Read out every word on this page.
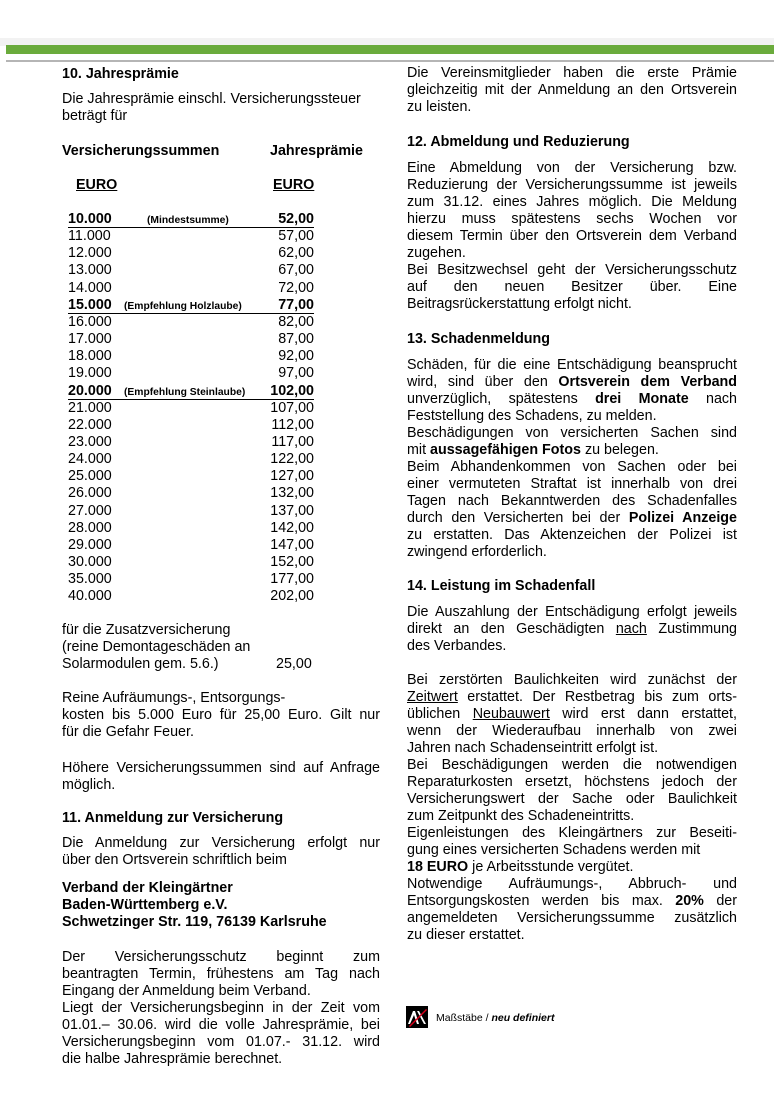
10. Jahresprämie

Die Jahresprämie einschl. Versicherungssteuer

beträgt für

Versicherungssummen	Jahresprämie

EURO	EURO

10.000	(Mindestsumme)	52,00
11.000	57,00
12.000	62,00
13.000	67,00
14.000	72,00
15.000 (Empfehlung Holzlaube)	77,00
16.000	82,00
17.000	87,00
18.000	92,00
19.000	97,00
20.000 (Empfehlung Steinlaube) 102,00
21.000	107,00
22.000	112,00
23.000	117,00
24.000	122,00
25.000	127,00
26.000	132,00
27.000	137,00
28.000	142,00
29.000	147,00
30.000	152,00
35.000	177,00
40.000	202,00

für die Zusatzversicherung

(reine Demontageschäden an

Solarmodulen gem. 5.6.)	25,00

Reine Aufräumungs-, Entsorgungs-

kosten bis 5.000 Euro für 25,00 Euro. Gilt nur

für die Gefahr Feuer.

Höhere Versicherungssummen sind auf Anfrage

möglich.

11. Anmeldung zur Versicherung

Die Anmeldung zur Versicherung erfolgt nur

über den Ortsverein schriftlich beim

Verband der Kleingärtner

Baden-Württemberg e.V.

Schwetzinger Str. 119, 76139 Karlsruhe

Der Versicherungsschutz beginnt zum

beantragten Termin, frühestens am Tag nach

Eingang der Anmeldung beim Verband.

Liegt der Versicherungsbeginn in der Zeit vom

01.01.– 30.06. wird die volle Jahresprämie, bei

Versicherungsbeginn vom 01.07.- 31.12. wird

die halbe Jahresprämie berechnet.

Die Vereinsmitglieder haben die erste Prämie

gleichzeitig mit der Anmeldung an den Ortsverein

zu leisten.

12. Abmeldung und Reduzierung

Eine Abmeldung von der Versicherung bzw.

Reduzierung der Versicherungssumme ist jeweils

zum 31.12. eines Jahres möglich. Die Meldung

hierzu muss spätestens sechs Wochen vor

diesem Termin über den Ortsverein dem Verband

zugehen.

Bei Besitzwechsel geht der Versicherungsschutz

auf den neuen Besitzer über. Eine

Beitragsrückerstattung erfolgt nicht.

13. Schadenmeldung

Schäden, für die eine Entschädigung beansprucht

wird, sind über den Ortsverein dem Verband

unverzüglich, spätestens drei Monate nach

Feststellung des Schadens, zu melden.

Beschädigungen von versicherten Sachen sind

mit aussagefähigen Fotos zu belegen.

Beim Abhandenkommen von Sachen oder bei

einer vermuteten Straftat ist innerhalb von drei

Tagen nach Bekanntwerden des Schadenfalles

durch den Versicherten bei der Polizei Anzeige

zu erstatten. Das Aktenzeichen der Polizei ist

zwingend erforderlich.

14. Leistung im Schadenfall

Die Auszahlung der Entschädigung erfolgt jeweils

direkt an den Geschädigten nach Zustimmung

des Verbandes.

Bei zerstörten Baulichkeiten wird zunächst der

Zeitwert erstattet. Der Restbetrag bis zum orts-

üblichen Neubauwert wird erst dann erstattet,

wenn der Wiederaufbau innerhalb von zwei

Jahren nach Schadenseintritt erfolgt ist.

Bei Beschädigungen werden die notwendigen

Reparaturkosten ersetzt, höchstens jedoch der

Versicherungswert der Sache oder Baulichkeit

zum Zeitpunkt des Schadeneintritts.

Eigenleistungen des Kleingärtners zur Beseiti-

gung eines versicherten Schadens werden mit

18 EURO je Arbeitsstunde vergütet.

Notwendige Aufräumungs-, Abbruch- und

Entsorgungskosten werden bis max. 20% der

angemeldeten Versicherungssumme zusätzlich

zu dieser erstattet.

Maßstäbe / neu definiert
